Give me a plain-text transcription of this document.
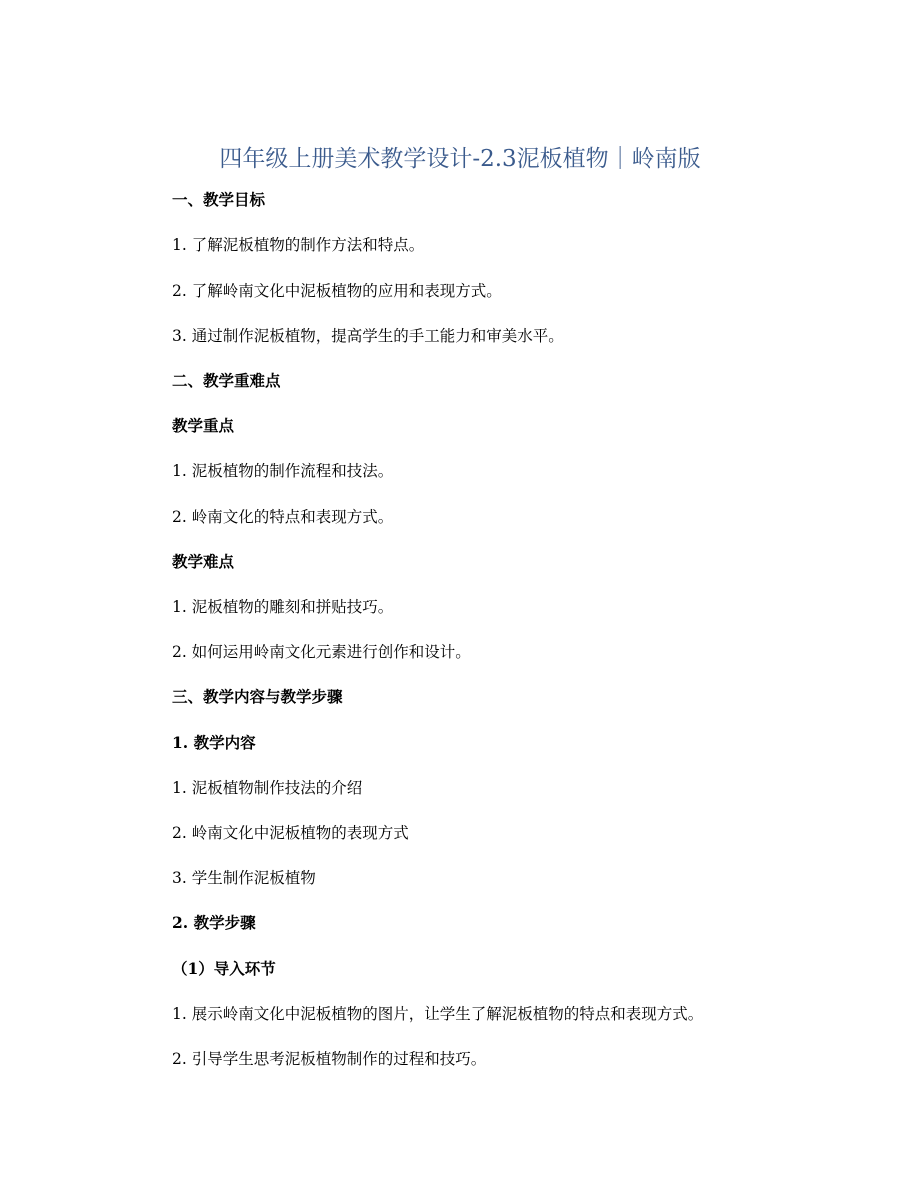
四年级上册美术教学设计-2.3泥板植物｜岭南版
一、教学目标
1. 了解泥板植物的制作方法和特点。
2. 了解岭南文化中泥板植物的应用和表现方式。
3. 通过制作泥板植物，提高学生的手工能力和审美水平。
二、教学重难点
教学重点
1. 泥板植物的制作流程和技法。
2. 岭南文化的特点和表现方式。
教学难点
1. 泥板植物的雕刻和拼贴技巧。
2. 如何运用岭南文化元素进行创作和设计。
三、教学内容与教学步骤
1. 教学内容
1. 泥板植物制作技法的介绍
2. 岭南文化中泥板植物的表现方式
3. 学生制作泥板植物
2. 教学步骤
（1）导入环节
1. 展示岭南文化中泥板植物的图片，让学生了解泥板植物的特点和表现方式。
2. 引导学生思考泥板植物制作的过程和技巧。
